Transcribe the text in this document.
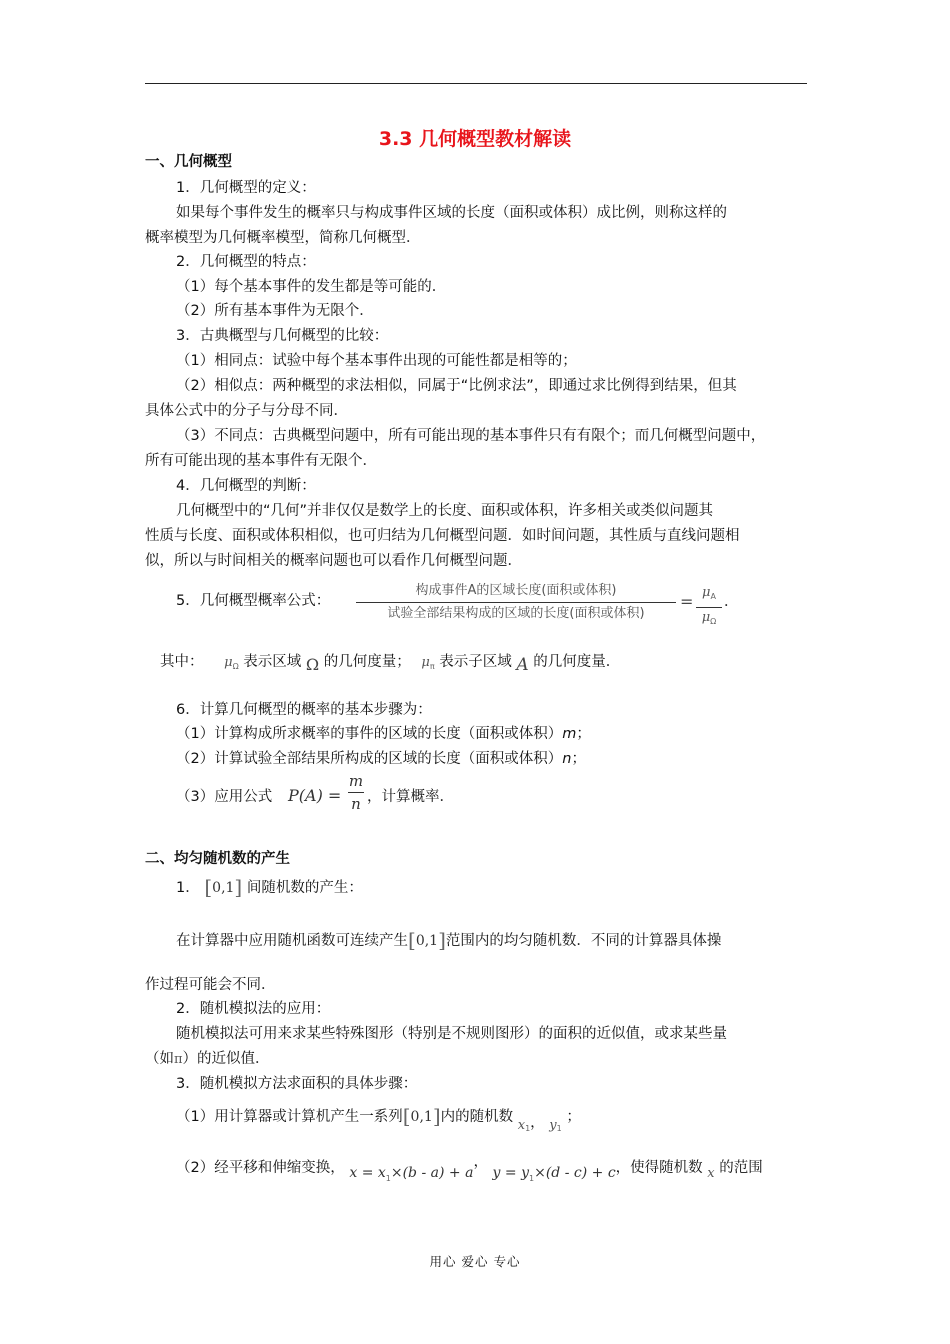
3.3 几何概型教材解读
一、几何概型
1．几何概型的定义：
如果每个事件发生的概率只与构成事件区域的长度（面积或体积）成比例，则称这样的
概率模型为几何概率模型，简称几何概型．
2．几何概型的特点：
（1）每个基本事件的发生都是等可能的．
（2）所有基本事件为无限个．
3．古典概型与几何概型的比较：
（1）相同点：试验中每个基本事件出现的可能性都是相等的；
（2）相似点：两种概型的求法相似，同属于“比例求法”，即通过求比例得到结果，但其
具体公式中的分子与分母不同．
（3）不同点：古典概型问题中，所有可能出现的基本事件只有有限个；而几何概型问题中，
所有可能出现的基本事件有无限个．
4．几何概型的判断：
几何概型中的“几何”并非仅仅是数学上的长度、面积或体积，许多相关或类似问题其
性质与长度、面积或体积相似，也可归结为几何概型问题．如时间问题，其性质与直线问题相
似，所以与时间相关的概率问题也可以看作几何概型问题．
5．几何概型概率公式：
构成事件A的区域长度(面积或体积)
试验全部结果构成的区域的长度(面积或体积)
= $\mu_A$
$\mu_\Omega$
．
其中： $\mu_\Omega$ 表示区域 Ω 的几何度量； $\mu_\pi$ 表示子区域 A 的几何度量．
6．计算几何概型的概率的基本步骤为：
（1）计算构成所求概率的事件的区域的长度（面积或体积）m；
（2）计算试验全部结果所构成的区域的长度（面积或体积）n；
（3）应用公式 P(A) =
m
n ，计算概率．
二、均匀随机数的产生
1． [0,1] 间随机数的产生：
在计算器中应用随机函数可连续产生[0,1]范围内的均匀随机数．不同的计算器具体操
作过程可能会不同．
2．随机模拟法的应用：
随机模拟法可用来求某些特殊图形（特别是不规则图形）的面积的近似值，或求某些量
（如π）的近似值．
3．随机模拟方法求面积的具体步骤：
（1）用计算器或计算机产生一系列[0,1]内的随机数 $x_1$， $y_1$ ；
（2）经平移和伸缩变换， $x = x_1\times(b - a) + a$， $y = y_1\times(d - c) + c$，使得随机数 x 的范围
用心 爱心 专心
